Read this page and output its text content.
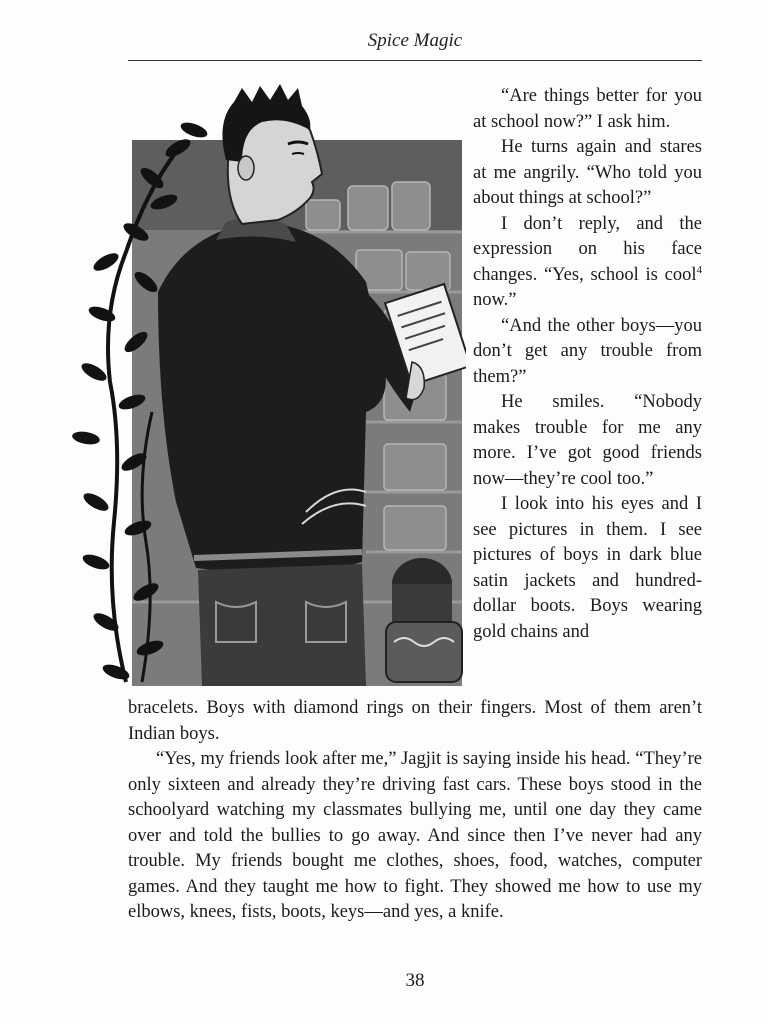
Spice Magic

“Are things better for you at school now?” I ask him.

He turns again and stares at me angrily. “Who told you about things at school?”

I don’t reply, and the expression on his face changes. “Yes, school is cool$^4$ now.”

“And the other boys—you don’t get any trouble from them?”

He smiles. “Nobody makes trouble for me any more. I’ve got good friends now—they’re cool too.”

I look into his eyes and I see pictures in them. I see pictures of boys in dark blue satin jackets and hundred-dollar boots. Boys wearing gold chains and

bracelets. Boys with diamond rings on their fingers. Most of them aren’t Indian boys.

“Yes, my friends look after me,” Jagjit is saying inside his head. “They’re only sixteen and already they’re driving fast cars. These boys stood in the schoolyard watching my classmates bullying me, until one day they came over and told the bullies to go away. And since then I’ve never had any trouble. My friends bought me clothes, shoes, food, watches, computer games. And they taught me how to fight. They showed me how to use my elbows, knees, fists, boots, keys—and yes, a knife.

38
